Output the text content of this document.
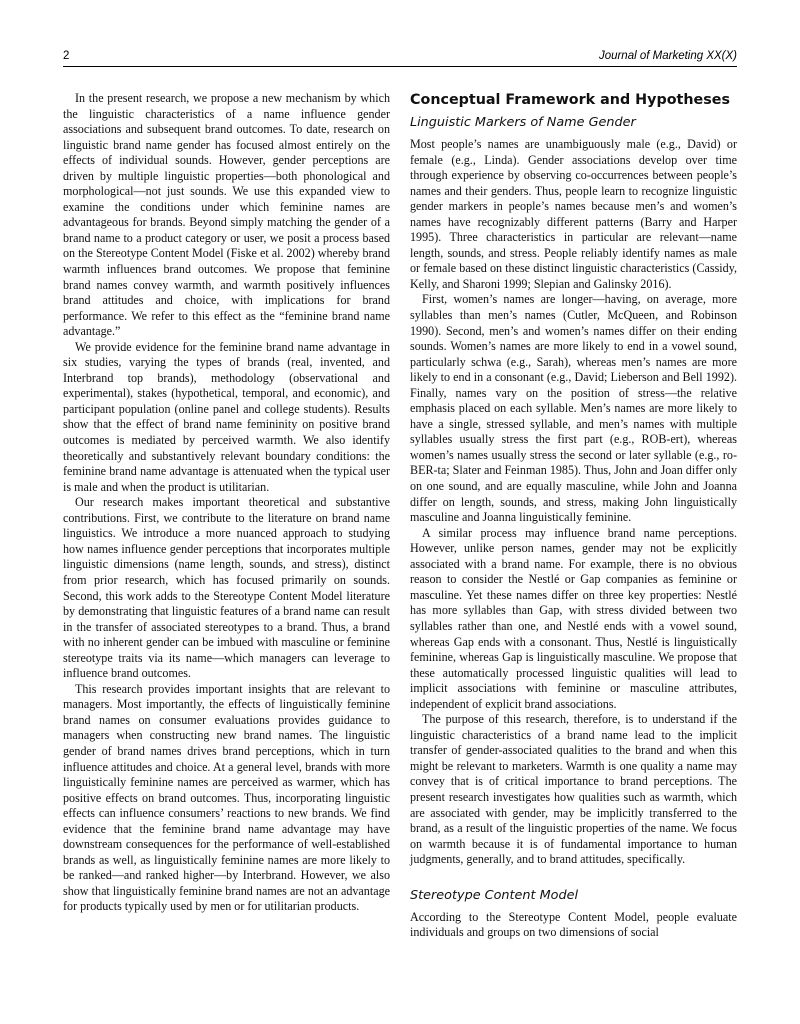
2	Journal of Marketing XX(X)

In the present research, we propose a new mechanism by which the linguistic characteristics of a name influence gender associations and subsequent brand outcomes. To date, research on linguistic brand name gender has focused almost entirely on the effects of individual sounds. However, gender perceptions are driven by multiple linguistic properties—both phonological and morphological—not just sounds. We use this expanded view to examine the conditions under which feminine names are advantageous for brands. Beyond simply matching the gender of a brand name to a product category or user, we posit a process based on the Stereotype Content Model (Fiske et al. 2002) whereby brand warmth influences brand outcomes. We propose that feminine brand names convey warmth, and warmth positively influences brand attitudes and choice, with implications for brand performance. We refer to this effect as the “feminine brand name advantage.”

We provide evidence for the feminine brand name advantage in six studies, varying the types of brands (real, invented, and Interbrand top brands), methodology (observational and experimental), stakes (hypothetical, temporal, and economic), and participant population (online panel and college students). Results show that the effect of brand name femininity on positive brand outcomes is mediated by perceived warmth. We also identify theoretically and substantively relevant boundary conditions: the feminine brand name advantage is attenuated when the typical user is male and when the product is utilitarian.

Our research makes important theoretical and substantive contributions. First, we contribute to the literature on brand name linguistics. We introduce a more nuanced approach to studying how names influence gender perceptions that incorporates multiple linguistic dimensions (name length, sounds, and stress), distinct from prior research, which has focused primarily on sounds. Second, this work adds to the Stereotype Content Model literature by demonstrating that linguistic features of a brand name can result in the transfer of associated stereotypes to a brand. Thus, a brand with no inherent gender can be imbued with masculine or feminine stereotype traits via its name—which managers can leverage to influence brand outcomes.

This research provides important insights that are relevant to managers. Most importantly, the effects of linguistically feminine brand names on consumer evaluations provides guidance to managers when constructing new brand names. The linguistic gender of brand names drives brand perceptions, which in turn influence attitudes and choice. At a general level, brands with more linguistically feminine names are perceived as warmer, which has positive effects on brand outcomes. Thus, incorporating linguistic effects can influence consumers’ reactions to new brands. We find evidence that the feminine brand name advantage may have downstream consequences for the performance of well-established brands as well, as linguistically feminine names are more likely to be ranked—and ranked higher—by Interbrand. However, we also show that linguistically feminine brand names are not an advantage for products typically used by men or for utilitarian products.

Conceptual Framework and Hypotheses
Linguistic Markers of Name Gender

Most people’s names are unambiguously male (e.g., David) or female (e.g., Linda). Gender associations develop over time through experience by observing co-occurrences between people’s names and their genders. Thus, people learn to recognize linguistic gender markers in people’s names because men’s and women’s names have recognizably different patterns (Barry and Harper 1995). Three characteristics in particular are relevant—name length, sounds, and stress. People reliably identify names as male or female based on these distinct linguistic characteristics (Cassidy, Kelly, and Sharoni 1999; Slepian and Galinsky 2016).

First, women’s names are longer—having, on average, more syllables than men’s names (Cutler, McQueen, and Robinson 1990). Second, men’s and women’s names differ on their ending sounds. Women’s names are more likely to end in a vowel sound, particularly schwa (e.g., Sarah), whereas men’s names are more likely to end in a consonant (e.g., David; Lieberson and Bell 1992). Finally, names vary on the position of stress—the relative emphasis placed on each syllable. Men’s names are more likely to have a single, stressed syllable, and men’s names with multiple syllables usually stress the first part (e.g., ROB-ert), whereas women’s names usually stress the second or later syllable (e.g., ro-BER-ta; Slater and Feinman 1985). Thus, John and Joan differ only on one sound, and are equally masculine, while John and Joanna differ on length, sounds, and stress, making John linguistically masculine and Joanna linguistically feminine.

A similar process may influence brand name perceptions. However, unlike person names, gender may not be explicitly associated with a brand name. For example, there is no obvious reason to consider the Nestlé or Gap companies as feminine or masculine. Yet these names differ on three key properties: Nestlé has more syllables than Gap, with stress divided between two syllables rather than one, and Nestlé ends with a vowel sound, whereas Gap ends with a consonant. Thus, Nestlé is linguistically feminine, whereas Gap is linguistically masculine. We propose that these automatically processed linguistic qualities will lead to implicit associations with feminine or masculine attributes, independent of explicit brand associations.

The purpose of this research, therefore, is to understand if the linguistic characteristics of a brand name lead to the implicit transfer of gender-associated qualities to the brand and when this might be relevant to marketers. Warmth is one quality a name may convey that is of critical importance to brand perceptions. The present research investigates how qualities such as warmth, which are associated with gender, may be implicitly transferred to the brand, as a result of the linguistic properties of the name. We focus on warmth because it is of fundamental importance to human judgments, generally, and to brand attitudes, specifically.

Stereotype Content Model

According to the Stereotype Content Model, people evaluate individuals and groups on two dimensions of social
